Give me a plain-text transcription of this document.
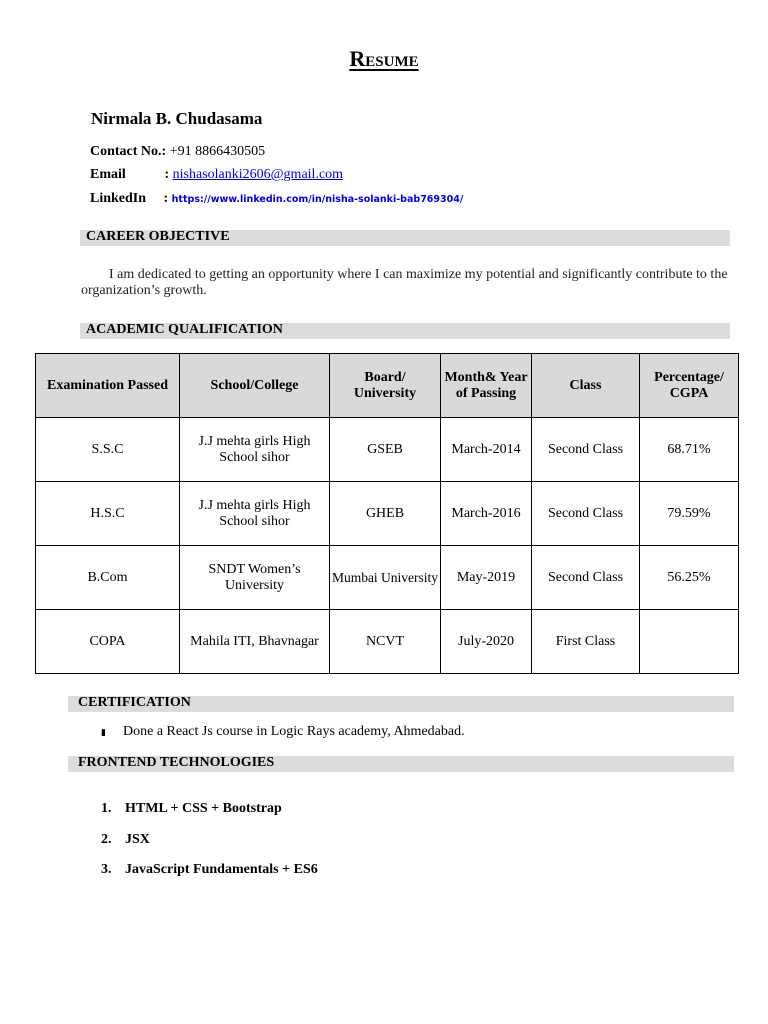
Resume
Nirmala B. Chudasama
Contact No.: +91 8866430505
Email	: nishasolanki2606@gmail.com
LinkedIn : https://www.linkedin.com/in/nisha-solanki-bab769304/
CAREER OBJECTIVE
I am dedicated to getting an opportunity where I can maximize my potential and significantly contribute to the organization’s growth.
ACADEMIC QUALIFICATION
Examination Passed	School/College	Board/ University	Month& Year of Passing	Class	Percentage/ CGPA
S.S.C	J.J mehta girls High School sihor	GSEB	March-2014	Second Class	68.71%
H.S.C	J.J mehta girls High School sihor	GHEB	March-2016	Second Class	79.59%
B.Com	SNDT Women’s University	Mumbai University	May-2019	Second Class	56.25%
COPA	Mahila ITI, Bhavnagar	NCVT	July-2020	First Class	
CERTIFICATION
▮ Done a React Js course in Logic Rays academy, Ahmedabad.
FRONTEND TECHNOLOGIES
1. HTML + CSS + Bootstrap
2. JSX
3. JavaScript Fundamentals + ES6
